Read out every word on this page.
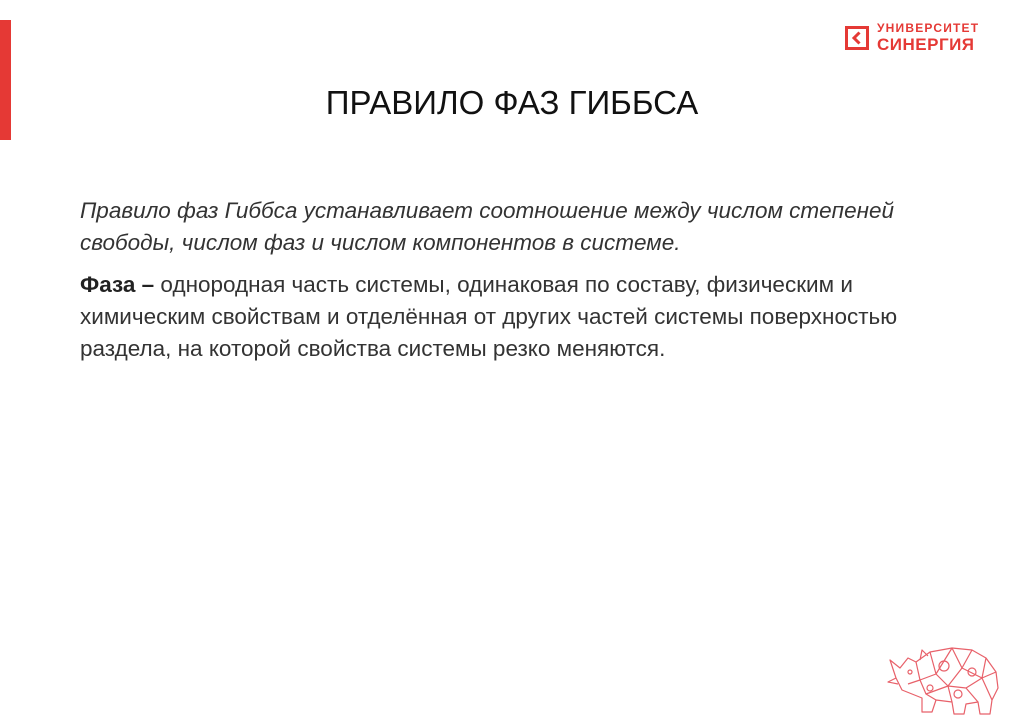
УНИВЕРСИТЕТ
СИНЕРГИЯ
ПРАВИЛО ФАЗ ГИББСА

Правило фаз Гиббса устанавливает соотношение между числом степеней свободы, числом фаз и числом компонентов в системе.

Фаза – однородная часть системы, одинаковая по составу, физическим и химическим свойствам и отделённая от других частей системы поверхностью раздела, на которой свойства системы резко меняются.
